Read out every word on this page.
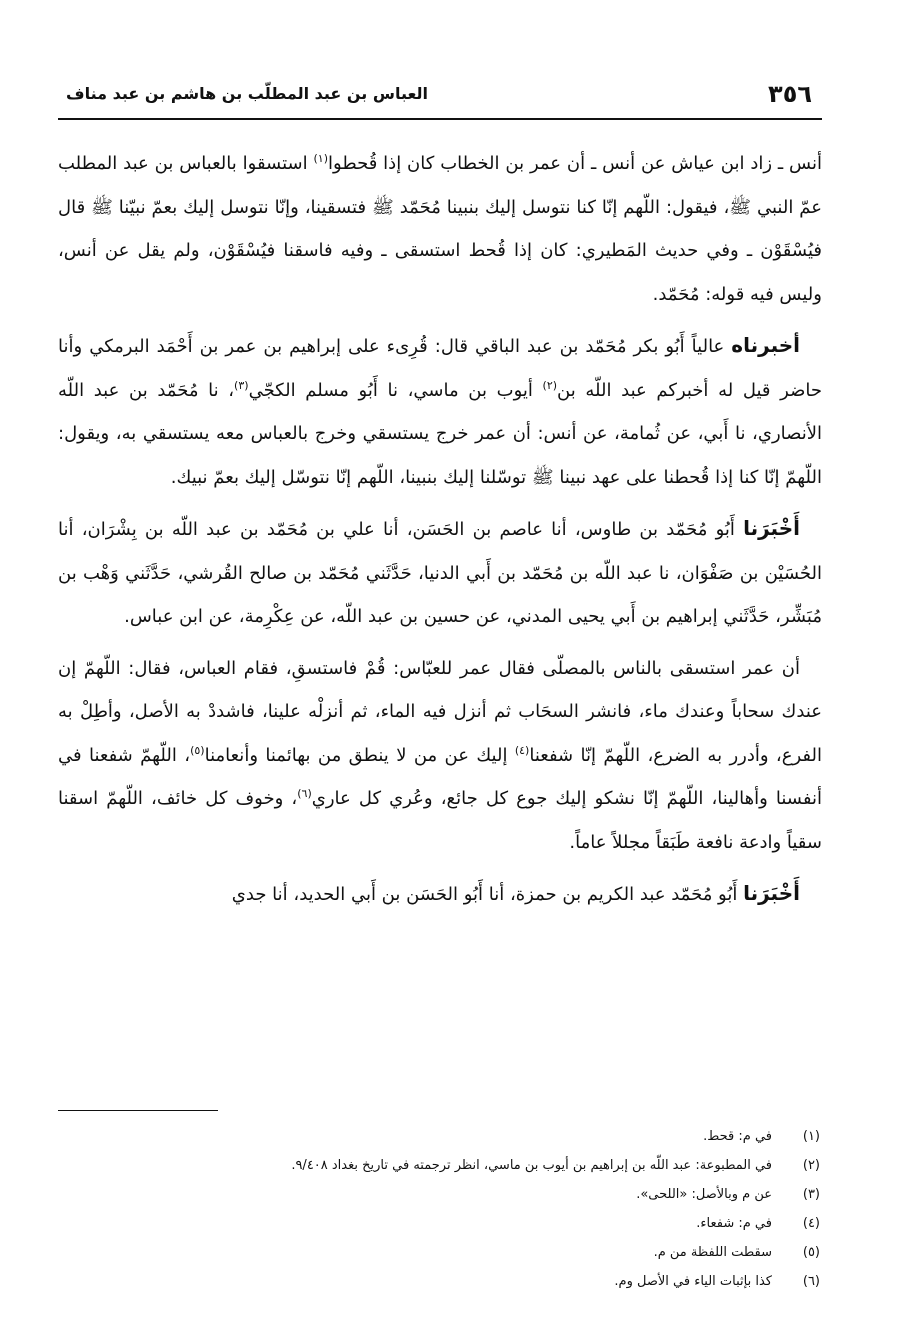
٣٥٦
العباس بن عبد المطلّب بن هاشم بن عبد مناف

أنس ـ زاد ابن عياش عن أنس ـ أن عمر بن الخطاب كان إذا قُحطوا$^{(١)}$ استسقوا بالعباس بن عبد المطلب عمّ النبي ﷺ، فيقول: اللّهم إنّا كنا نتوسل إليك بنبينا مُحَمّد ﷺ فتسقينا، وإنّا نتوسل إليك بعمّ نبيّنا ﷺ قال فيُسْقَوْن ـ وفي حديث المَطيري: كان إذا قُحط استسقى ـ وفيه فاسقنا فيُسْقَوْن، ولم يقل عن أنس، وليس فيه قوله: مُحَمّد.

أخبرناه عالياً أَبُو بكر مُحَمّد بن عبد الباقي قال: قُرِىء على إبراهيم بن عمر بن أَحْمَد البرمكي وأنا حاضر قيل له أخبركم عبد اللّه بن$^{(٢)}$ أيوب بن ماسي، نا أَبُو مسلم الكجّي$^{(٣)}$، نا مُحَمّد بن عبد اللّه الأنصاري، نا أَبي، عن ثُمامة، عن أنس: أن عمر خرج يستسقي وخرج بالعباس معه يستسقي به، ويقول: اللّهمّ إنّا كنا إذا قُحطنا على عهد نبينا ﷺ توسّلنا إليك بنبينا، اللّهم إنّا نتوسّل إليك بعمّ نبيك.

أَخْبَرَنا أَبُو مُحَمّد بن طاوس، أنا عاصم بن الحَسَن، أنا علي بن مُحَمّد بن عبد اللّه بن بِشْرَان، أنا الحُسَيْن بن صَفْوَان، نا عبد اللّه بن مُحَمّد بن أَبي الدنيا، حَدَّثَني مُحَمّد بن صالح القُرشي، حَدَّثَني وَهْب بن مُبَشِّر، حَدَّثَني إبراهيم بن أَبي يحيى المدني، عن حسين بن عبد اللّه، عن عِكْرِمة، عن ابن عباس.

أن عمر استسقى بالناس بالمصلّى فقال عمر للعبّاس: قُمْ فاستسقِ، فقام العباس، فقال: اللّهمّ إن عندك سحاباً وعندك ماء، فانشر السحَاب ثم أنزل فيه الماء، ثم أنزلْه علينا، فاشددْ به الأصل، وأطِلْ به الفرع، وأدرر به الضرع، اللّهمّ إنّا شفعنا$^{(٤)}$ إليك عن من لا ينطق من بهائمنا وأنعامنا$^{(٥)}$، اللّهمّ شفعنا في أنفسنا وأهالينا، اللّهمّ إنّا نشكو إليك جوع كل جائع، وعُري كل عاري$^{(٦)}$، وخوف كل خائف، اللّهمّ اسقنا سقياً وادعة نافعة طَبَقاً مجللاً عاماً.

أَخْبَرَنا أَبُو مُحَمّد عبد الكريم بن حمزة، أنا أَبُو الحَسَن بن أَبي الحديد، أنا جدي

(١)
في م: قحط.
(٢)
في المطبوعة: عبد اللّه بن إبراهيم بن أيوب بن ماسي، انظر ترجمته في تاريخ بغداد ٩/٤٠٨.
(٣)
عن م وبالأصل: «اللحى».
(٤)
في م: شفعاء.
(٥)
سقطت اللفظة من م.
(٦)
كذا بإثبات الياء في الأصل وم.
